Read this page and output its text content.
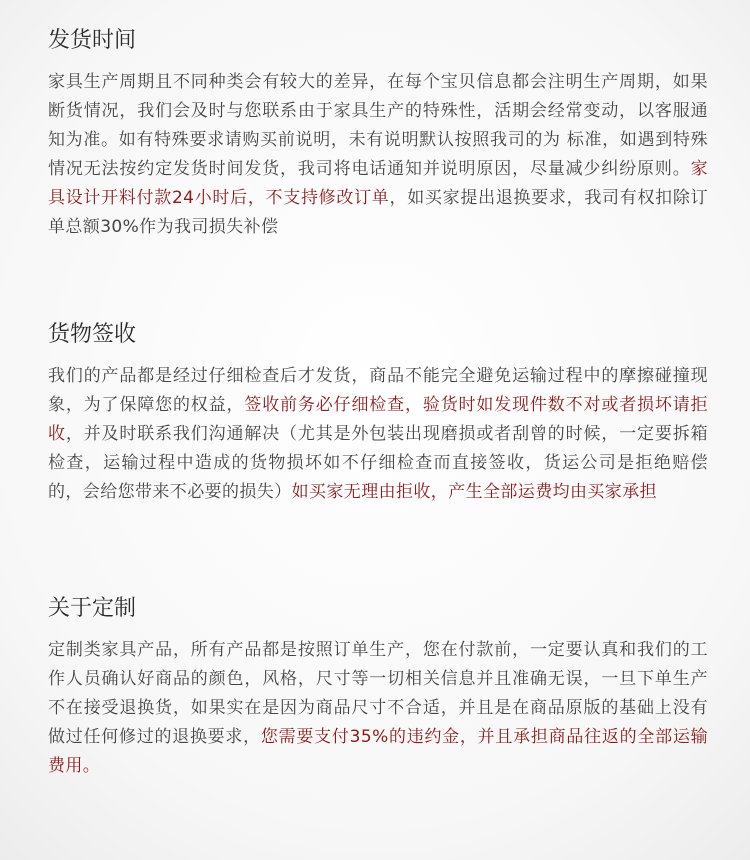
发货时间

家具生产周期且不同种类会有较大的差异，在每个宝贝信息都会注明生产周期，如果断货情况，我们会及时与您联系由于家具生产的特殊性，活期会经常变动，以客服通知为准。如有特殊要求请购买前说明，未有说明默认按照我司的为 标准，如遇到特殊情况无法按约定发货时间发货，我司将电话通知并说明原因，尽量减少纠纷原则。家具设计开料付款24小时后，不支持修改订单，如买家提出退换要求，我司有权扣除订单总额30%作为我司损失补偿

货物签收

我们的产品都是经过仔细检查后才发货，商品不能完全避免运输过程中的摩擦碰撞现象，为了保障您的权益，签收前务必仔细检查，验货时如发现件数不对或者损坏请拒收，并及时联系我们沟通解决（尤其是外包装出现磨损或者刮曾的时候，一定要拆箱检查，运输过程中造成的货物损坏如不仔细检查而直接签收，货运公司是拒绝赔偿的，会给您带来不必要的损失）如买家无理由拒收，产生全部运费均由买家承担

关于定制

定制类家具产品，所有产品都是按照订单生产，您在付款前，一定要认真和我们的工作人员确认好商品的颜色，风格，尺寸等一切相关信息并且准确无误，一旦下单生产不在接受退换货，如果实在是因为商品尺寸不合适，并且是在商品原版的基础上没有做过任何修过的退换要求，您需要支付35%的违约金，并且承担商品往返的全部运输费用。
